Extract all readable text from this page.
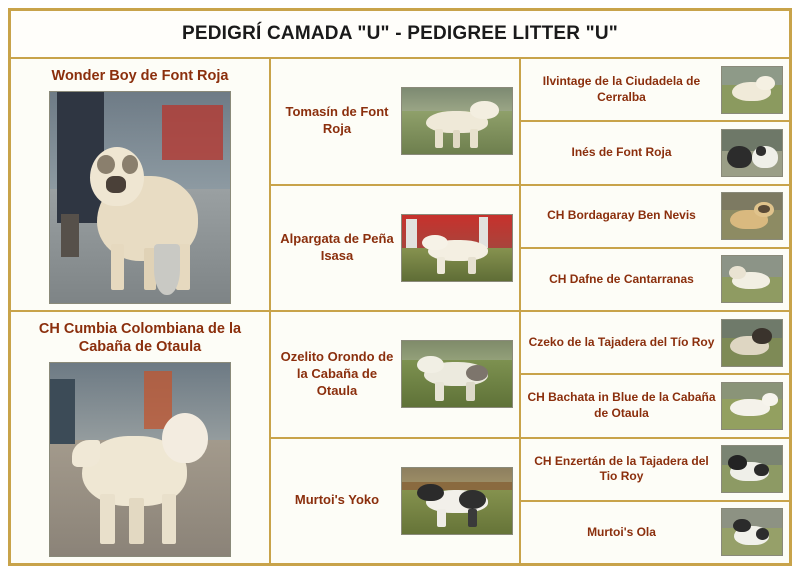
PEDIGRÍ CAMADA "U" - PEDIGREE LITTER "U"
Wonder Boy de Font Roja
CH Cumbia Colombiana de la Cabaña de Otaula
Tomasín de Font Roja
Alpargata de Peña Isasa
Ozelito Orondo de la Cabaña de Otaula
Murtoi's Yoko
Ilvintage de la Ciudadela de Cerralba
Inés de Font Roja
CH Bordagaray Ben Nevis
CH Dafne de Cantarranas
Czeko de la Tajadera del Tío Roy
CH Bachata in Blue de la Cabaña de Otaula
CH Enzertán de la Tajadera del Tio Roy
Murtoi's Ola
